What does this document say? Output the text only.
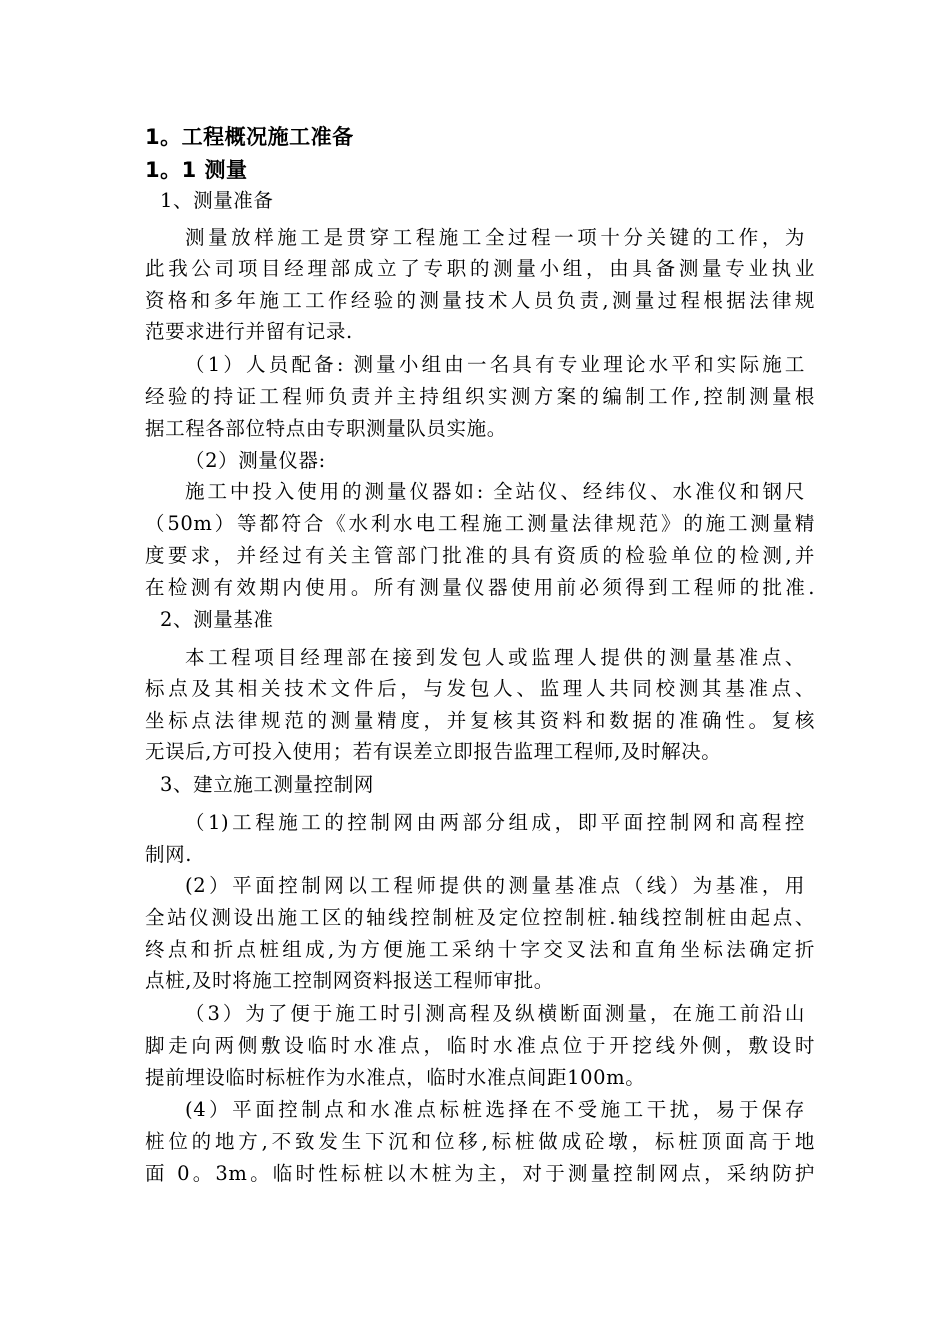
1。工程概况施工准备
1。1 测量
1、测量准备
测量放样施工是贯穿工程施工全过程一项十分关键的工作，为
此我公司项目经理部成立了专职的测量小组，由具备测量专业执业
资格和多年施工工作经验的测量技术人员负责,测量过程根据法律规
范要求进行并留有记录.
（1）人员配备: 测量小组由一名具有专业理论水平和实际施工
经验的持证工程师负责并主持组织实测方案的编制工作,控制测量根
据工程各部位特点由专职测量队员实施。
（2）测量仪器:
施工中投入使用的测量仪器如: 全站仪、经纬仪、水准仪和钢尺
（50m）等都符合《水利水电工程施工测量法律规范》的施工测量精
度要求，并经过有关主管部门批准的具有资质的检验单位的检测,并
在检测有效期内使用。所有测量仪器使用前必须得到工程师的批准.
2、测量基准
本工程项目经理部在接到发包人或监理人提供的测量基准点、
标点及其相关技术文件后，与发包人、监理人共同校测其基准点、
坐标点法律规范的测量精度，并复核其资料和数据的准确性。复核
无误后,方可投入使用；若有误差立即报告监理工程师,及时解决。
3、建立施工测量控制网
（1)工程施工的控制网由两部分组成，即平面控制网和高程控
制网.
(2）平面控制网以工程师提供的测量基准点（线）为基准，用
全站仪测设出施工区的轴线控制桩及定位控制桩.轴线控制桩由起点、
终点和折点桩组成,为方便施工采纳十字交叉法和直角坐标法确定折
点桩,及时将施工控制网资料报送工程师审批。
（3）为了便于施工时引测高程及纵横断面测量，在施工前沿山
脚走向两侧敷设临时水准点，临时水准点位于开挖线外侧，敷设时
提前埋设临时标桩作为水准点，临时水准点间距100m。
(4）平面控制点和水准点标桩选择在不受施工干扰，易于保存
桩位的地方,不致发生下沉和位移,标桩做成砼墩，标桩顶面高于地
面 0。3m。临时性标桩以木桩为主，对于测量控制网点，采纳防护
